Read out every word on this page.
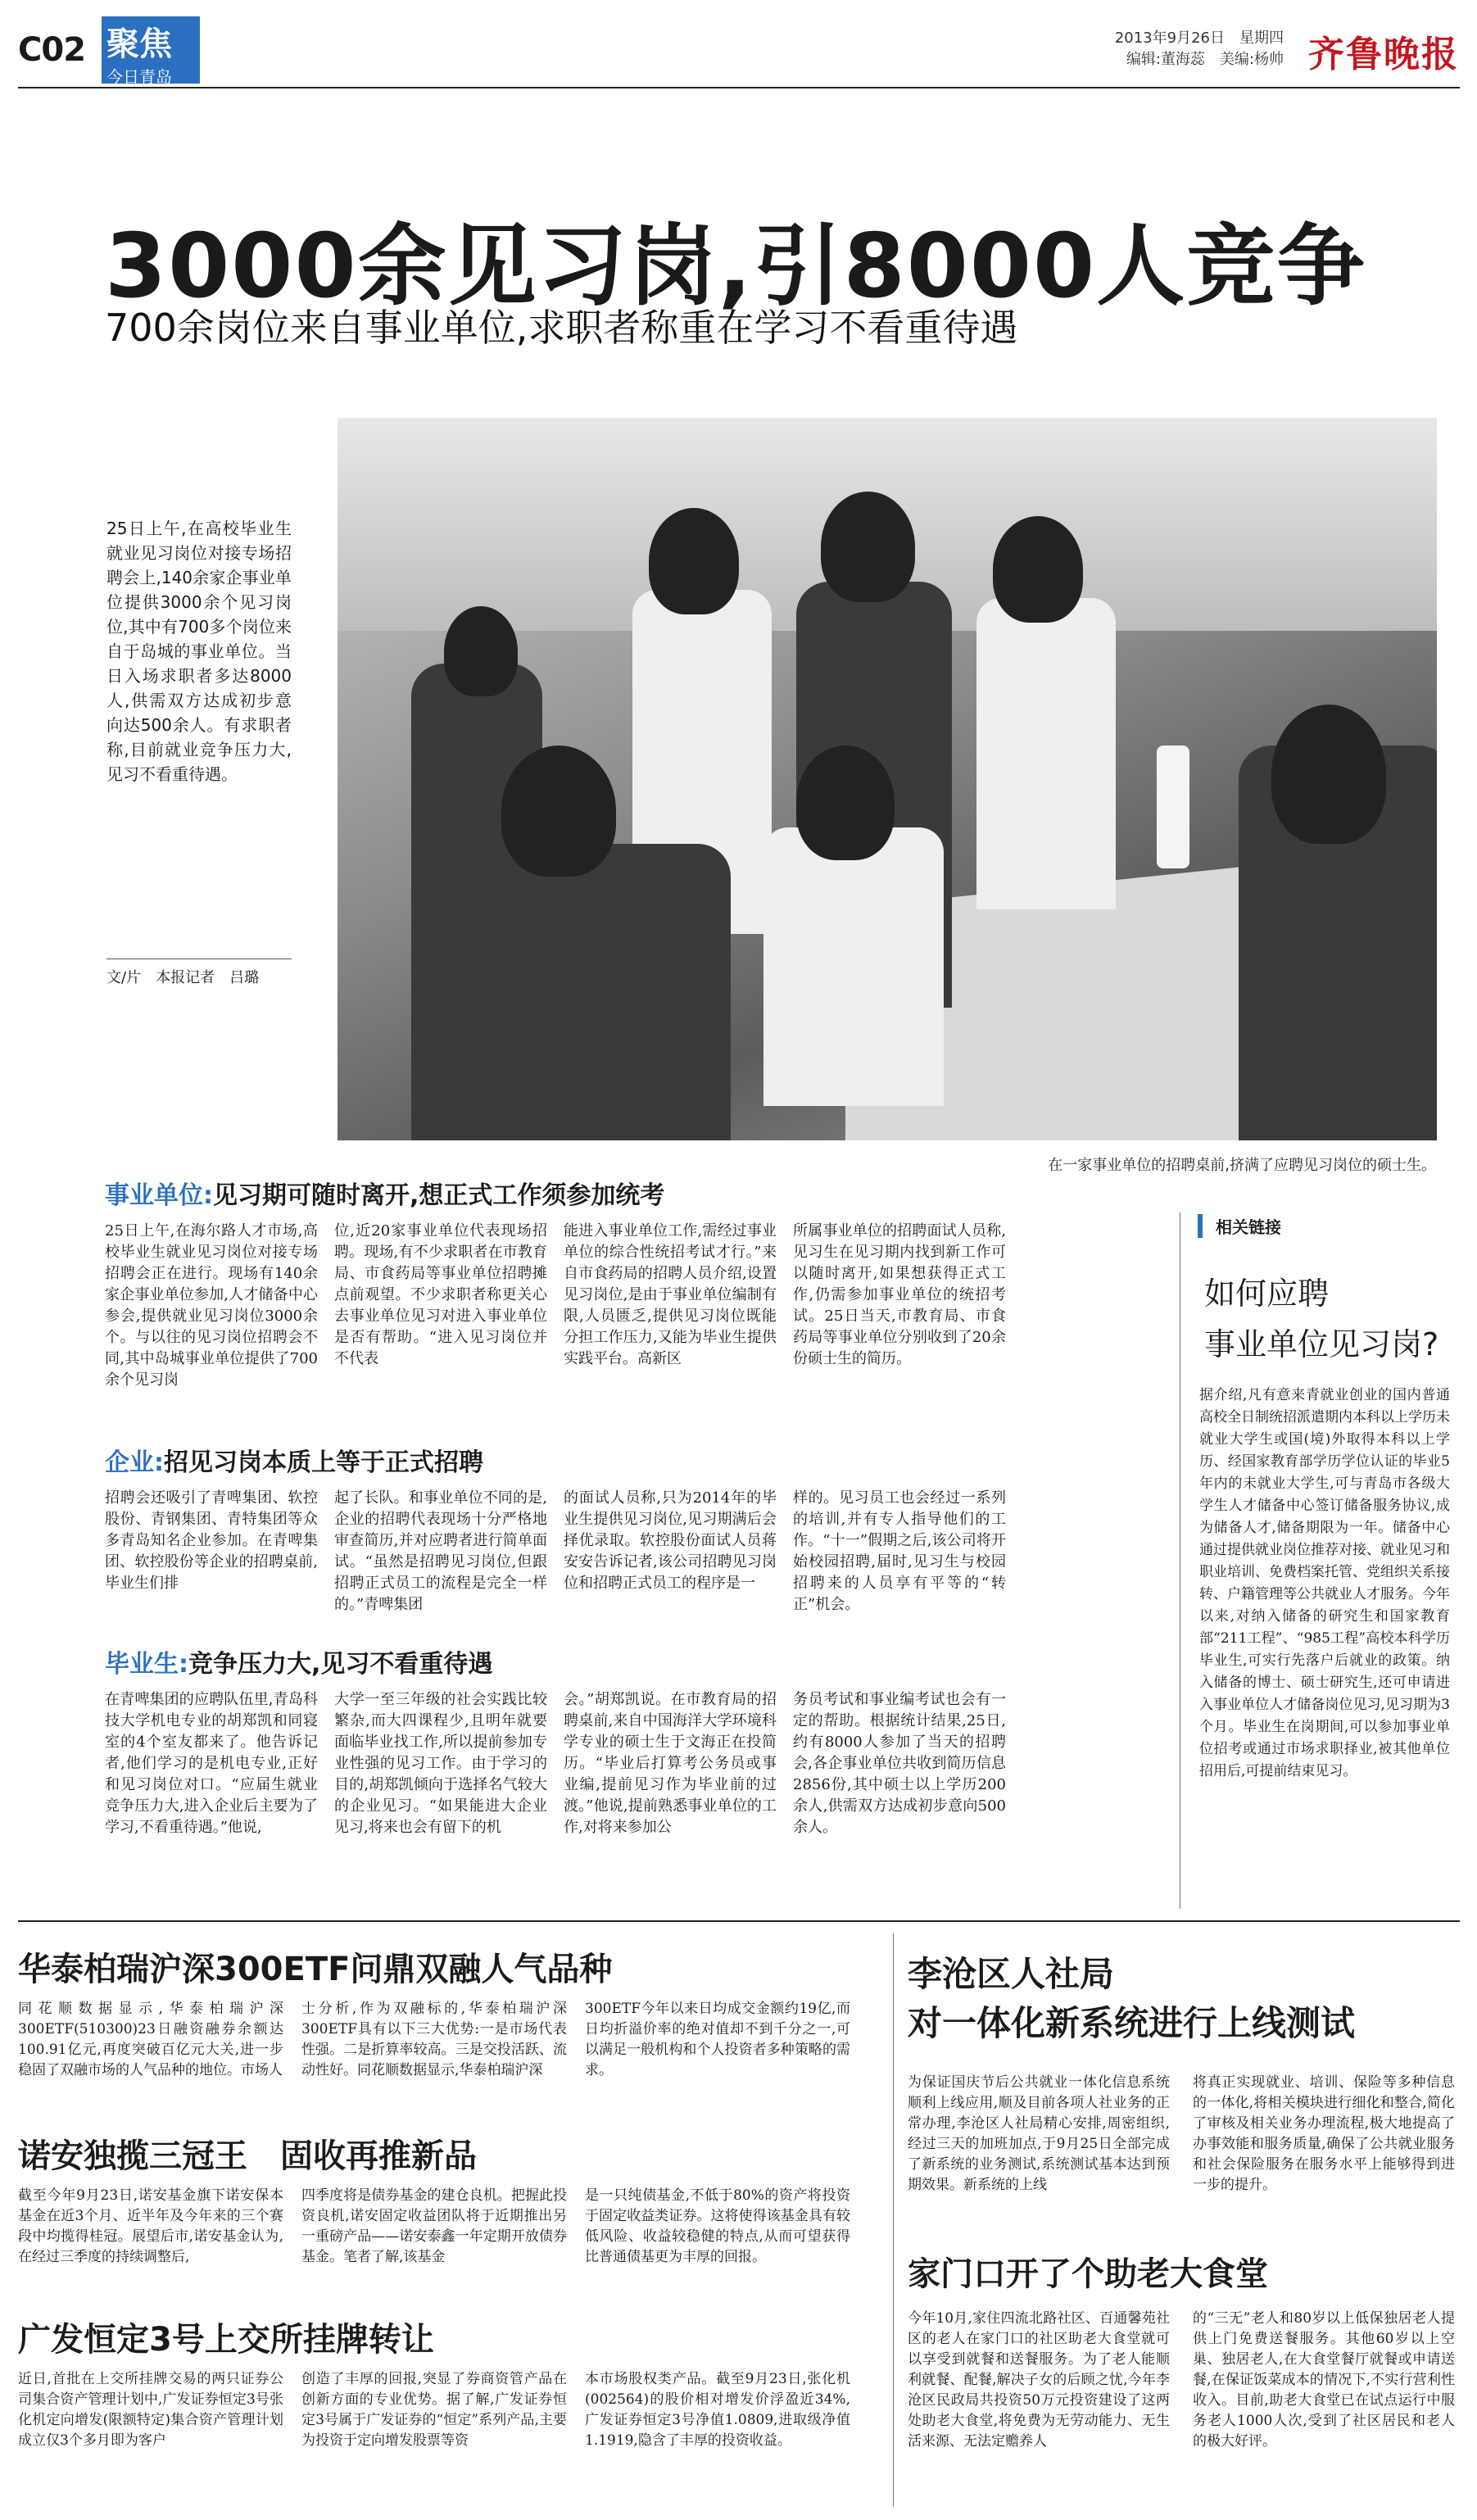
C02 聚焦
今日青岛
2013年9月26日　星期四
编辑:董海蕊　美编:杨帅 齐鲁晚报
3000余见习岗,引8000人竞争
700余岗位来自事业单位,求职者称重在学习不看重待遇
25日上午,在高校毕业生就业见习岗位对接专场招聘会上,140余家企事业单位提供3000余个见习岗位,其中有700多个岗位来自于岛城的事业单位。当日入场求职者多达8000人,供需双方达成初步意向达500余人。有求职者称,目前就业竞争压力大,见习不看重待遇。
文/片　本报记者　吕璐
在一家事业单位的招聘桌前,挤满了应聘见习岗位的硕士生。
事业单位:见习期可随时离开,想正式工作须参加统考
25日上午,在海尔路人才市场,高校毕业生就业见习岗位对接专场招聘会正在进行。现场有140余家企事业单位参加,人才储备中心参会,提供就业见习岗位3000余个。与以往的见习岗位招聘会不同,其中岛城事业单位提供了700余个见习岗
位,近20家事业单位代表现场招聘。现场,有不少求职者在市教育局、市食药局等事业单位招聘摊点前观望。不少求职者称更关心去事业单位见习对进入事业单位是否有帮助。“进入见习岗位并不代表
能进入事业单位工作,需经过事业单位的综合性统招考试才行。”来自市食药局的招聘人员介绍,设置见习岗位,是由于事业单位编制有限,人员匮乏,提供见习岗位既能分担工作压力,又能为毕业生提供实践平台。高新区
所属事业单位的招聘面试人员称,见习生在见习期内找到新工作可以随时离开,如果想获得正式工作,仍需参加事业单位的统招考试。25日当天,市教育局、市食药局等事业单位分别收到了20余份硕士生的简历。
企业:招见习岗本质上等于正式招聘
招聘会还吸引了青啤集团、软控股份、青钢集团、青特集团等众多青岛知名企业参加。在青啤集团、软控股份等企业的招聘桌前,毕业生们排
起了长队。和事业单位不同的是,企业的招聘代表现场十分严格地审查简历,并对应聘者进行简单面试。“虽然是招聘见习岗位,但跟招聘正式员工的流程是完全一样的。”青啤集团
的面试人员称,只为2014年的毕业生提供见习岗位,见习期满后会择优录取。软控股份面试人员蒋安安告诉记者,该公司招聘见习岗位和招聘正式员工的程序是一
样的。见习员工也会经过一系列的培训,并有专人指导他们的工作。“十一”假期之后,该公司将开始校园招聘,届时,见习生与校园招聘来的人员享有平等的“转正”机会。
毕业生:竞争压力大,见习不看重待遇
在青啤集团的应聘队伍里,青岛科技大学机电专业的胡郑凯和同寝室的4个室友都来了。他告诉记者,他们学习的是机电专业,正好和见习岗位对口。“应届生就业竞争压力大,进入企业后主要为了学习,不看重待遇。”他说,
大学一至三年级的社会实践比较繁杂,而大四课程少,且明年就要面临毕业找工作,所以提前参加专业性强的见习工作。由于学习的目的,胡郑凯倾向于选择名气较大的企业见习。“如果能进大企业见习,将来也会有留下的机
会。”胡郑凯说。在市教育局的招聘桌前,来自中国海洋大学环境科学专业的硕士生于文海正在投简历。“毕业后打算考公务员或事业编,提前见习作为毕业前的过渡。”他说,提前熟悉事业单位的工作,对将来参加公
务员考试和事业编考试也会有一定的帮助。根据统计结果,25日,约有8000人参加了当天的招聘会,各企事业单位共收到简历信息2856份,其中硕士以上学历200余人,供需双方达成初步意向500余人。
相关链接
如何应聘
事业单位见习岗?
据介绍,凡有意来青就业创业的国内普通高校全日制统招派遣期内本科以上学历未就业大学生或国(境)外取得本科以上学历、经国家教育部学历学位认证的毕业5年内的未就业大学生,可与青岛市各级大学生人才储备中心签订储备服务协议,成为储备人才,储备期限为一年。储备中心通过提供就业岗位推荐对接、就业见习和职业培训、免费档案托管、党组织关系接转、户籍管理等公共就业人才服务。今年以来,对纳入储备的研究生和国家教育部“211工程”、“985工程”高校本科学历毕业生,可实行先落户后就业的政策。纳入储备的博士、硕士研究生,还可申请进入事业单位人才储备岗位见习,见习期为3个月。毕业生在岗期间,可以参加事业单位招考或通过市场求职择业,被其他单位招用后,可提前结束见习。
华泰柏瑞沪深300ETF问鼎双融人气品种
同花顺数据显示,华泰柏瑞沪深300ETF(510300)23日融资融券余额达100.91亿元,再度突破百亿元大关,进一步稳固了双融市场的人气品种的地位。市场人
士分析,作为双融标的,华泰柏瑞沪深300ETF具有以下三大优势:一是市场代表性强。二是折算率较高。三是交投活跃、流动性好。同花顺数据显示,华泰柏瑞沪深
300ETF今年以来日均成交金额约19亿,而日均折溢价率的绝对值却不到千分之一,可以满足一般机构和个人投资者多种策略的需求。
诺安独揽三冠王　固收再推新品
截至今年9月23日,诺安基金旗下诺安保本基金在近3个月、近半年及今年来的三个赛段中均揽得桂冠。展望后市,诺安基金认为,在经过三季度的持续调整后,
四季度将是债券基金的建仓良机。把握此投资良机,诺安固定收益团队将于近期推出另一重磅产品——诺安泰鑫一年定期开放债券基金。笔者了解,该基金
是一只纯债基金,不低于80%的资产将投资于固定收益类证券。这将使得该基金具有较低风险、收益较稳健的特点,从而可望获得比普通债基更为丰厚的回报。
广发恒定3号上交所挂牌转让
近日,首批在上交所挂牌交易的两只证券公司集合资产管理计划中,广发证券恒定3号张化机定向增发(限额特定)集合资产管理计划成立仅3个多月即为客户
创造了丰厚的回报,突显了券商资管产品在创新方面的专业优势。据了解,广发证券恒定3号属于广发证券的“恒定”系列产品,主要为投资于定向增发股票等资
本市场股权类产品。截至9月23日,张化机(002564)的股价相对增发价浮盈近34%,广发证券恒定3号净值1.0809,进取级净值1.1919,隐含了丰厚的投资收益。
李沧区人社局
对一体化新系统进行上线测试
为保证国庆节后公共就业一体化信息系统顺利上线应用,顺及目前各项人社业务的正常办理,李沧区人社局精心安排,周密组织,经过三天的加班加点,于9月25日全部完成了新系统的业务测试,系统测试基本达到预期效果。新系统的上线
将真正实现就业、培训、保险等多种信息的一体化,将相关模块进行细化和整合,简化了审核及相关业务办理流程,极大地提高了办事效能和服务质量,确保了公共就业服务和社会保险服务在服务水平上能够得到进一步的提升。
家门口开了个助老大食堂
今年10月,家住四流北路社区、百通馨苑社区的老人在家门口的社区助老大食堂就可以享受到就餐和送餐服务。为了老人能顺利就餐、配餐,解决子女的后顾之忧,今年李沧区民政局共投资50万元投资建设了这两处助老大食堂,将免费为无劳动能力、无生活来源、无法定赡养人
的“三无”老人和80岁以上低保独居老人提供上门免费送餐服务。其他60岁以上空巢、独居老人,在大食堂餐厅就餐或申请送餐,在保证饭菜成本的情况下,不实行营利性收入。目前,助老大食堂已在试点运行中服务老人1000人次,受到了社区居民和老人的极大好评。
